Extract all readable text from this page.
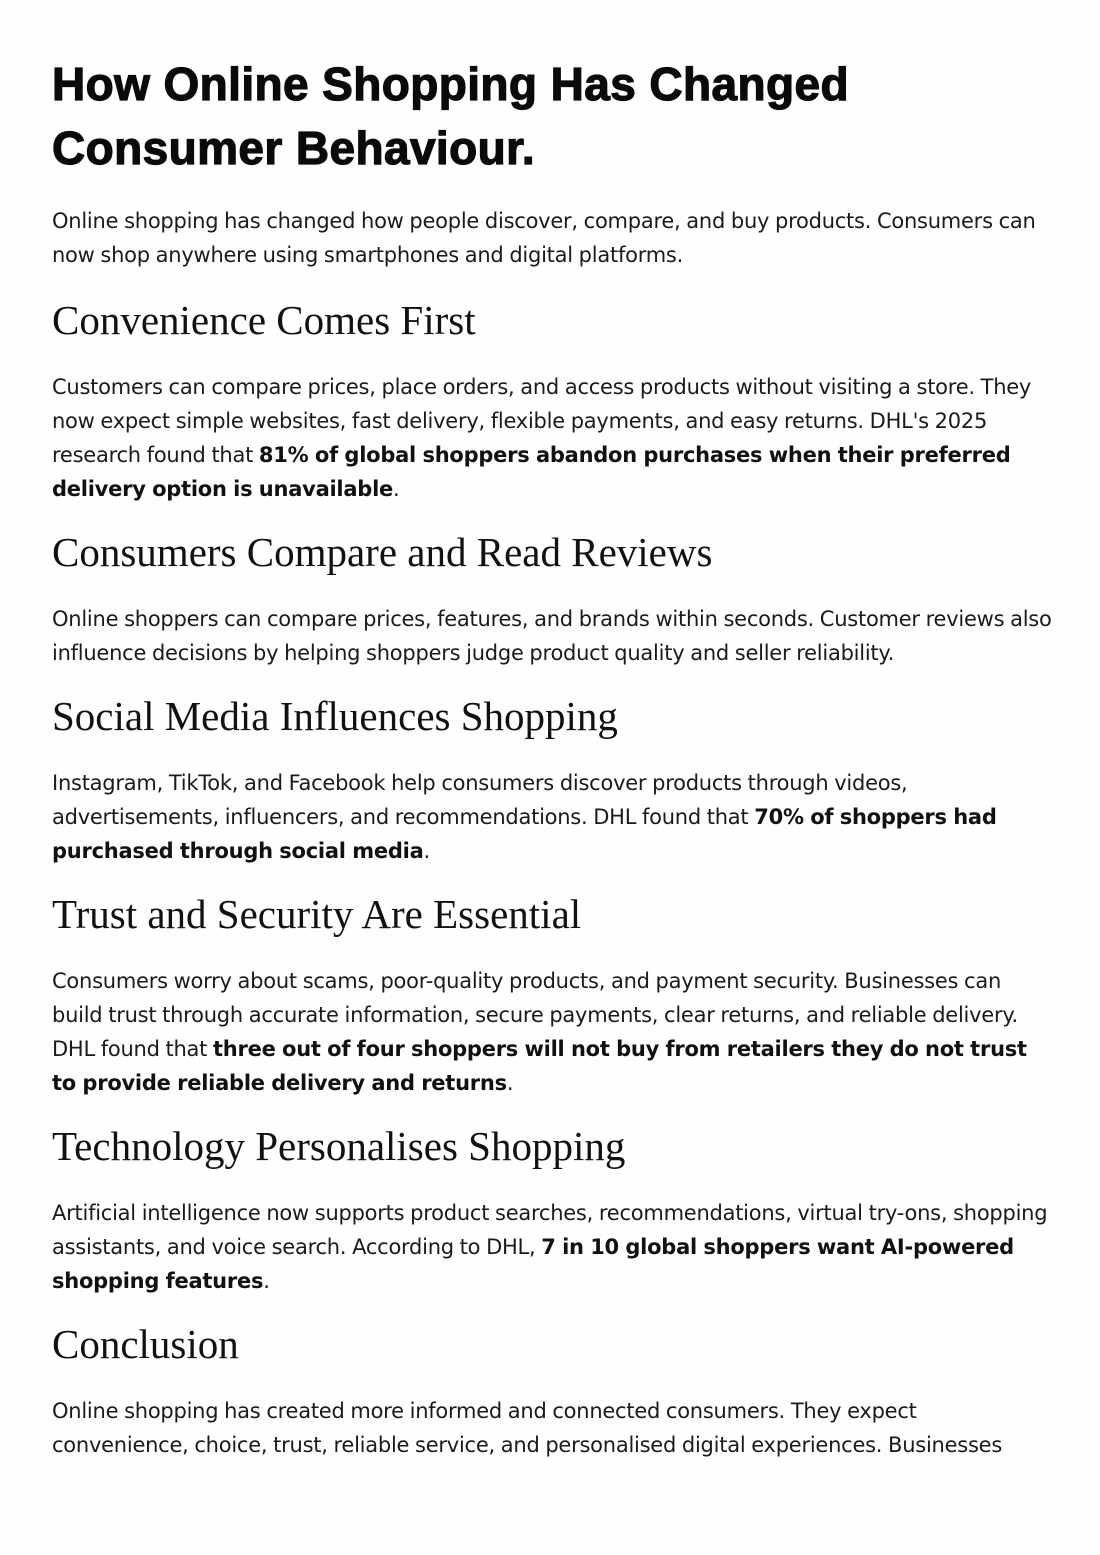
How Online Shopping Has Changed Consumer Behaviour.

Online shopping has changed how people discover, compare, and buy products. Consumers can now shop anywhere using smartphones and digital platforms.

Convenience Comes First

Customers can compare prices, place orders, and access products without visiting a store. They now expect simple websites, fast delivery, flexible payments, and easy returns. DHL's 2025 research found that 81% of global shoppers abandon purchases when their preferred delivery option is unavailable.

Consumers Compare and Read Reviews

Online shoppers can compare prices, features, and brands within seconds. Customer reviews also influence decisions by helping shoppers judge product quality and seller reliability.

Social Media Influences Shopping

Instagram, TikTok, and Facebook help consumers discover products through videos, advertisements, influencers, and recommendations. DHL found that 70% of shoppers had purchased through social media.

Trust and Security Are Essential

Consumers worry about scams, poor-quality products, and payment security. Businesses can build trust through accurate information, secure payments, clear returns, and reliable delivery. DHL found that three out of four shoppers will not buy from retailers they do not trust to provide reliable delivery and returns.

Technology Personalises Shopping

Artificial intelligence now supports product searches, recommendations, virtual try-ons, shopping assistants, and voice search. According to DHL, 7 in 10 global shoppers want AI-powered shopping features.

Conclusion

Online shopping has created more informed and connected consumers. They expect convenience, choice, trust, reliable service, and personalised digital experiences. Businesses
